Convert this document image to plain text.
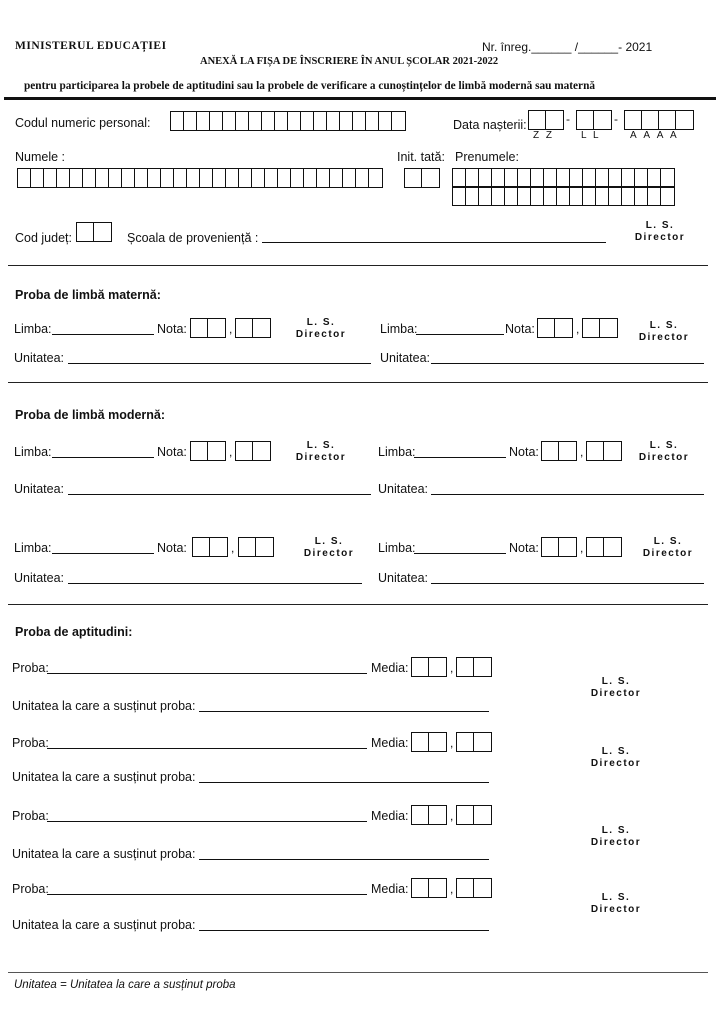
MINISTERUL EDUCAȚIEI	Nr. înreg.______ /______- 2021
ANEXĂ LA FIȘA DE ÎNSCRIERE ÎN ANUL ȘCOLAR 2021-2022
pentru participarea la probele de aptitudini sau la probele de verificare a cunoștințelor de limbă modernă sau maternă
Codul numeric personal:	Data nașterii:	-	-
Z Z	L L	A A A A
Numele :	Init. tată: Prenumele:
Cod județ:	Școala de proveniență :
L. S.
Director
Proba de limbă maternă:
Limba:	Nota:	,	L. S.
Director	Limba:	Nota:	,	L. S.
Director
Unitatea:	Unitatea:
Proba de limbă modernă:
Limba:	Nota:	,	L. S.
Director	Limba:	Nota:	,	L. S.
Director
Unitatea:	Unitatea:
Limba:	Nota:	,	L. S.
Director	Limba:	Nota:	,	L. S.
Director
Unitatea:	Unitatea:
Proba de aptitudini:
Proba:	Media:	,
Unitatea la care a susținut proba:
L. S.
Director
Proba:	Media:	,
Unitatea la care a susținut proba:
L. S.
Director
Proba:	Media:	,
Unitatea la care a susținut proba:
L. S.
Director
Proba:	Media:	,
Unitatea la care a susținut proba:
L. S.
Director
Unitatea = Unitatea la care a susținut proba
